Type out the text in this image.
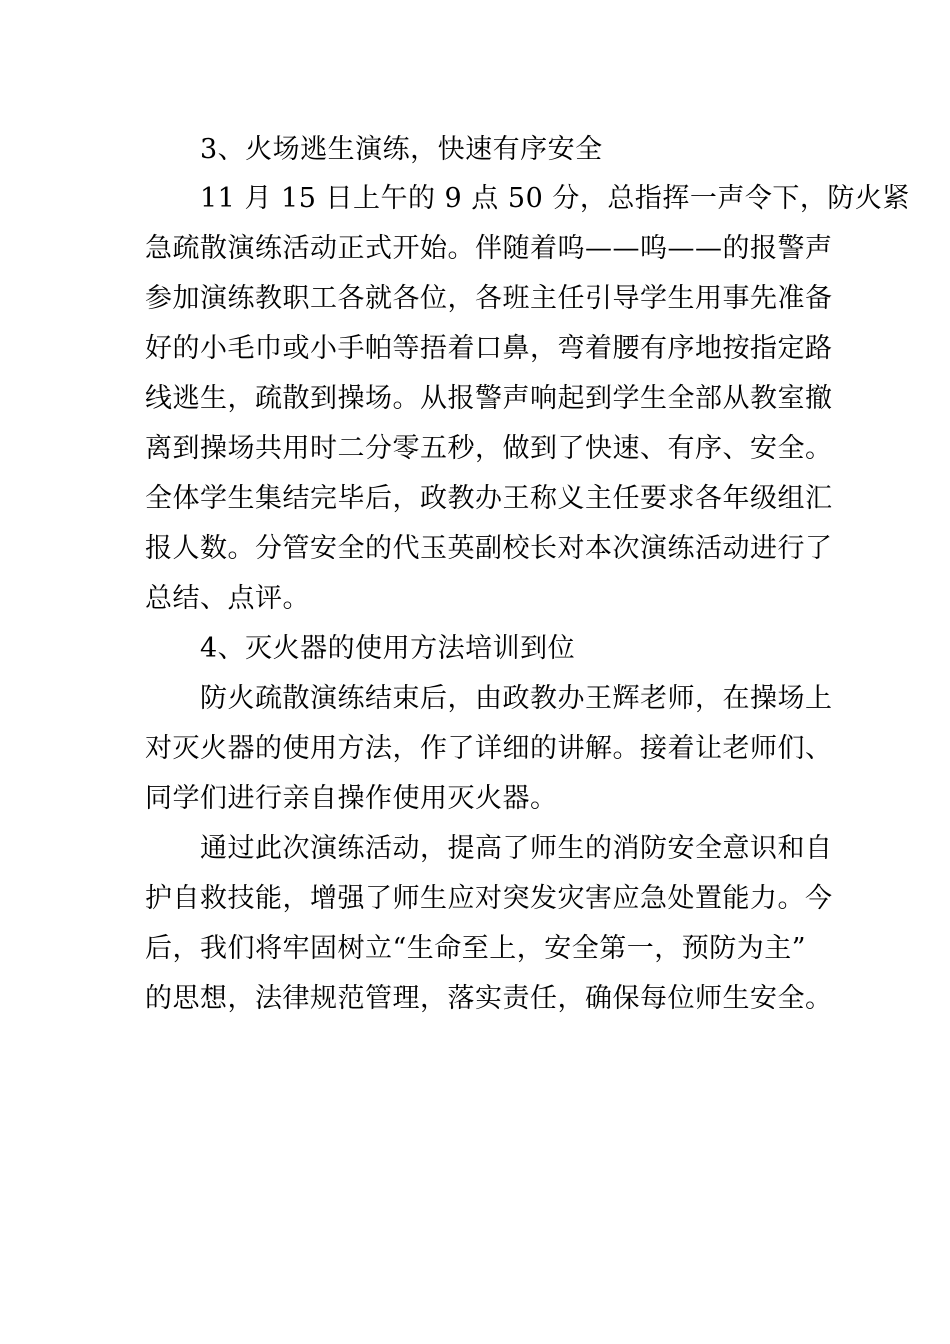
3、火场逃生演练，快速有序安全
11 月 15 日上午的 9 点 50 分，总指挥一声令下，防火紧
急疏散演练活动正式开始。伴随着呜——呜——的报警声
参加演练教职工各就各位，各班主任引导学生用事先准备
好的小毛巾或小手帕等捂着口鼻，弯着腰有序地按指定路
线逃生，疏散到操场。从报警声响起到学生全部从教室撤
离到操场共用时二分零五秒，做到了快速、有序、安全。
全体学生集结完毕后，政教办王称义主任要求各年级组汇
报人数。分管安全的代玉英副校长对本次演练活动进行了
总结、点评。
4、灭火器的使用方法培训到位
防火疏散演练结束后，由政教办王辉老师，在操场上
对灭火器的使用方法，作了详细的讲解。接着让老师们、
同学们进行亲自操作使用灭火器。
通过此次演练活动，提高了师生的消防安全意识和自
护自救技能，增强了师生应对突发灾害应急处置能力。今
后，我们将牢固树立“生命至上，安全第一，预防为主”
的思想，法律规范管理，落实责任，确保每位师生安全。
